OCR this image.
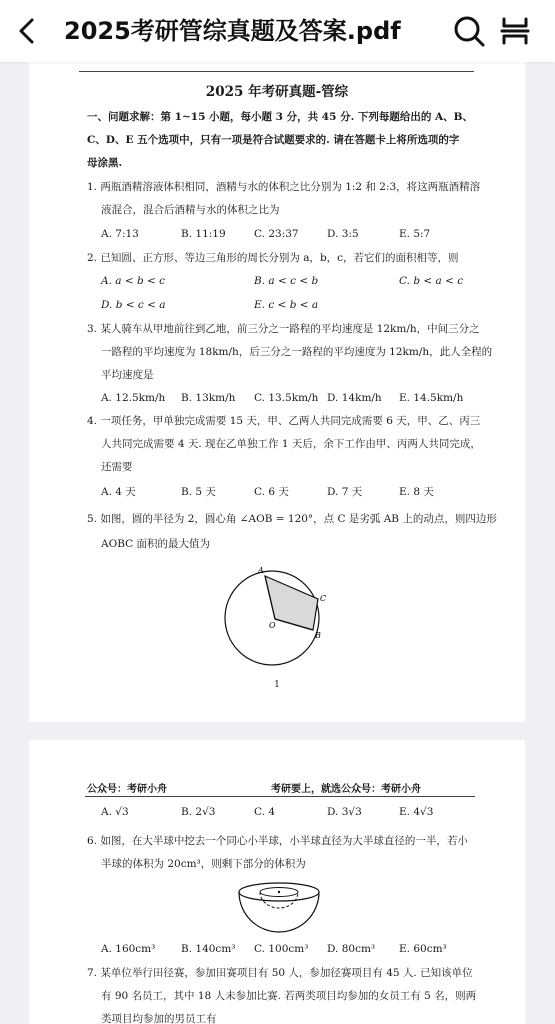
2025考研管综真题及答案.pdf
2025 年考研真题-管综
一、问题求解：第 1~15 小题，每小题 3 分，共 45 分. 下列每题给出的 A、B、
C、D、E 五个选项中，只有一项是符合试题要求的. 请在答题卡上将所选项的字
母涂黑.
1. 两瓶酒精溶液体积相同，酒精与水的体积之比分别为 1:2 和 2:3，将这两瓶酒精溶
液混合，混合后酒精与水的体积之比为
A. 7:13	B. 11:19	C. 23:37	D. 3:5	E. 5:7
2. 已知圆、正方形、等边三角形的周长分别为 a，b，c，若它们的面积相等，则
A. a < b < c	B. a < c < b	C. b < a < c
D. b < c < a	E. c < b < a
3. 某人骑车从甲地前往到乙地，前三分之一路程的平均速度是 12km/h，中间三分之
一路程的平均速度为 18km/h，后三分之一路程的平均速度为 12km/h，此人全程的
平均速度是
A. 12.5km/h B. 13km/h C. 13.5km/h D. 14km/h E. 14.5km/h
4. 一项任务，甲单独完成需要 15 天，甲、乙两人共同完成需要 6 天，甲、乙、丙三
人共同完成需要 4 天. 现在乙单独工作 1 天后，余下工作由甲、丙两人共同完成，
还需要
A. 4 天	B. 5 天	C. 6 天	D. 7 天	E. 8 天
5. 如图，圆的半径为 2，圆心角 ∠AOB = 120°，点 C 是劣弧 AB 上的动点，则四边形
AOBC 面积的最大值为
A
C
B
O
1
公众号：考研小舟	考研要上，就选公众号：考研小舟
A. √3	B. 2√3	C. 4	D. 3√3	E. 4√3
6. 如图，在大半球中挖去一个同心小半球，小半球直径为大半球直径的一半，若小
半球的体积为 20cm³，则剩下部分的体积为
A. 160cm³ B. 140cm³ C. 100cm³ D. 80cm³ E. 60cm³
7. 某单位举行田径赛，参加田赛项目有 50 人，参加径赛项目有 45 人. 已知该单位
有 90 名员工，其中 18 人未参加比赛. 若两类项目均参加的女员工有 5 名，则两
类项目均参加的男员工有
